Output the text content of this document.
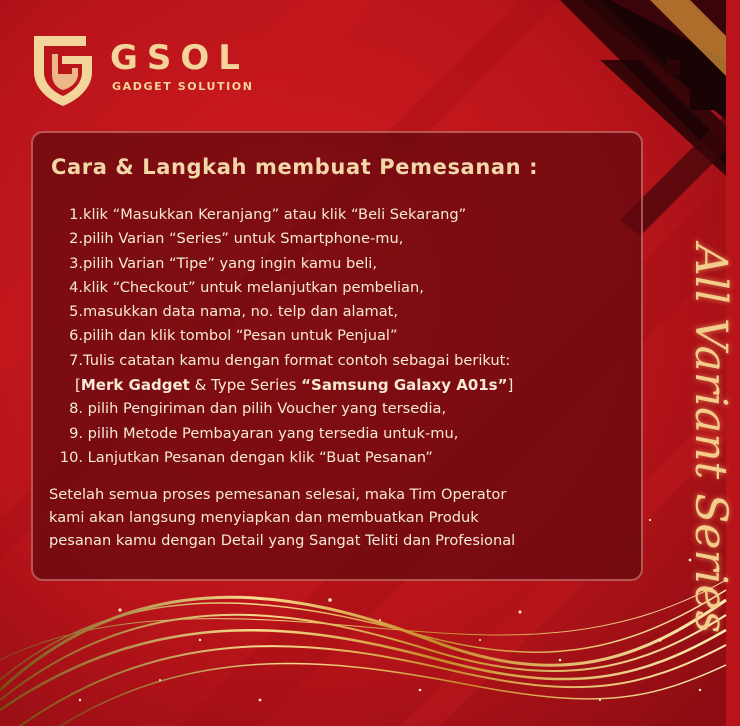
GSOL
GADGET SOLUTION
Cara & Langkah membuat Pemesanan :
1.klik “Masukkan Keranjang” atau klik “Beli Sekarang”
2.pilih Varian “Series” untuk Smartphone-mu,
3.pilih Varian “Tipe” yang ingin kamu beli,
4.klik “Checkout” untuk melanjutkan pembelian,
5.masukkan data nama, no. telp dan alamat,
6.pilih dan klik tombol “Pesan untuk Penjual”
7.Tulis catatan kamu dengan format contoh sebagai berikut:
[Merk Gadget & Type Series “Samsung Galaxy A01s”]
8. pilih Pengiriman dan pilih Voucher yang tersedia,
9. pilih Metode Pembayaran yang tersedia untuk-mu,
10. Lanjutkan Pesanan dengan klik “Buat Pesanan”
Setelah semua proses pemesanan selesai, maka Tim Operator
kami akan langsung menyiapkan dan membuatkan Produk
pesanan kamu dengan Detail yang Sangat Teliti dan Profesional	All Variant Series
